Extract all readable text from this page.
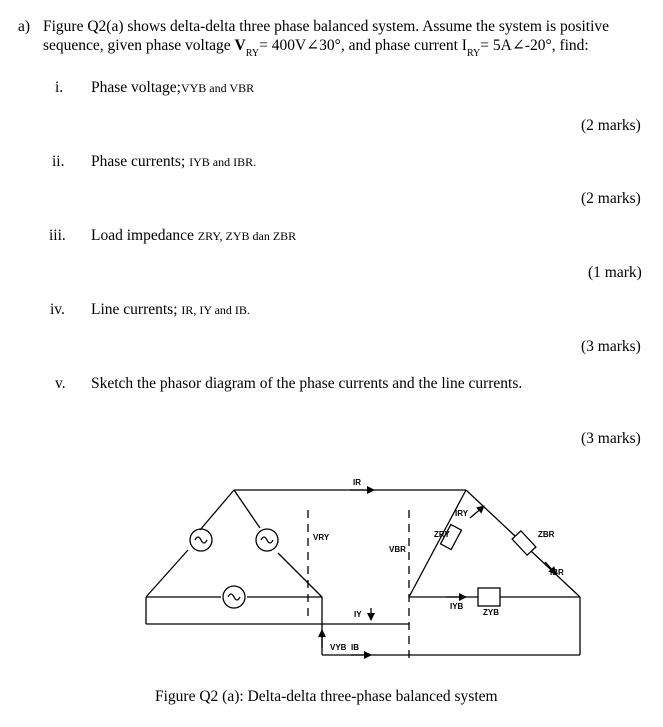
a) Figure Q2(a) shows delta-delta three phase balanced system. Assume the system is positive
sequence, given phase voltage $V_{RY}=$ 400V∠30°, and phase current $I_{RY}=$ 5A∠-20°, find:
i. Phase voltage;VYB and VBR
(2 marks)
ii. Phase currents; IYB and IBR.
(2 marks)
iii. Load impedance ZRY, ZYB dan ZBR
(1 mark)
iv. Line currents; IR, IY and IB.
(3 marks)
v. Sketch the phasor diagram of the phase currents and the line currents.
(3 marks)
IR
IRY
ZRY	ZBR
VRY
VBR
IBR
IYB
ZYB
IY
VYB IB
Figure Q2 (a): Delta-delta three-phase balanced system
